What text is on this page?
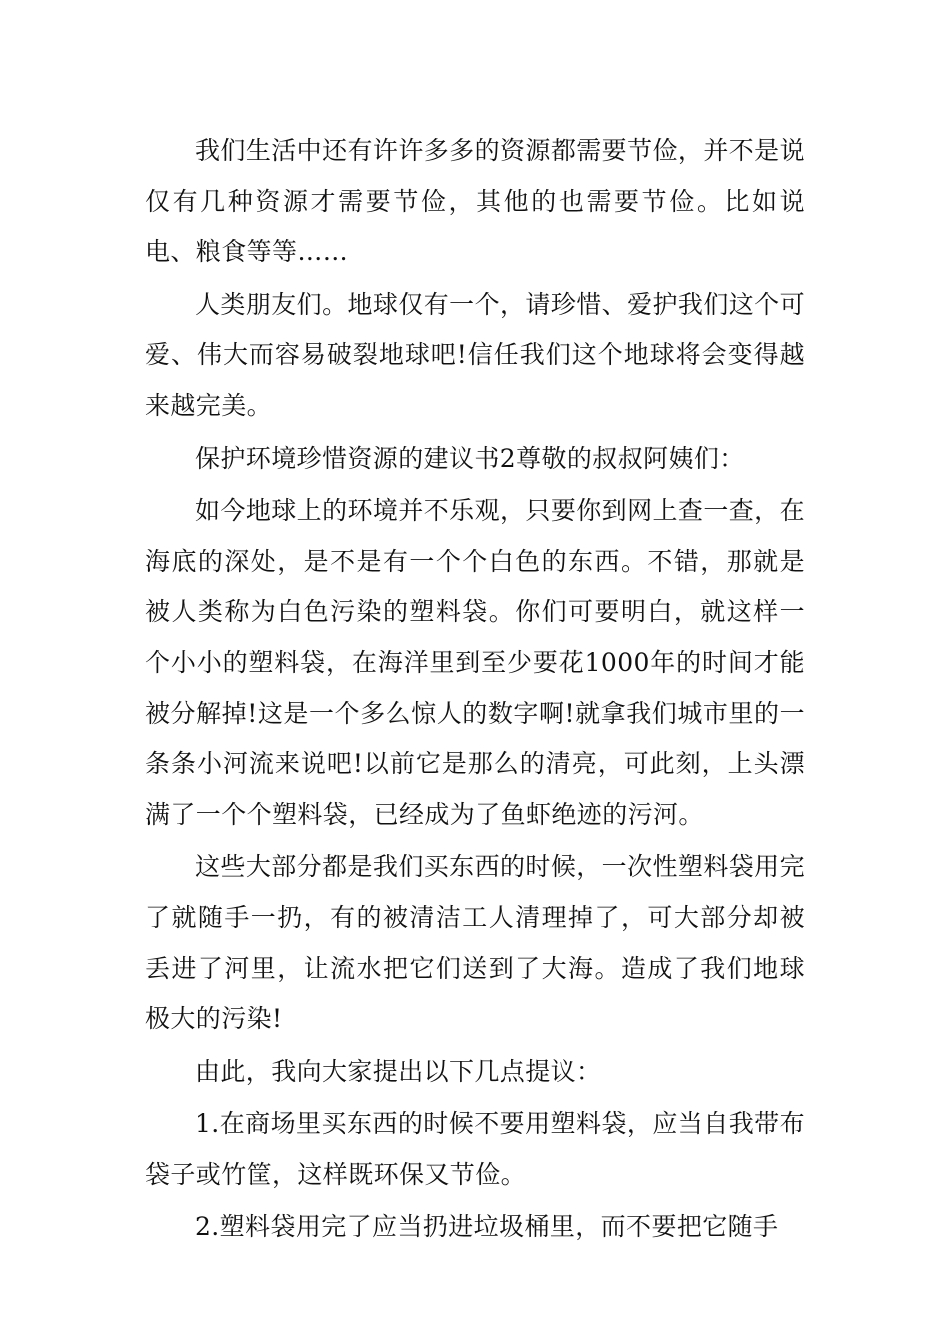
我们生活中还有许许多多的资源都需要节俭，并不是说仅有几种资源才需要节俭，其他的也需要节俭。比如说电、粮食等等……

人类朋友们。地球仅有一个，请珍惜、爱护我们这个可爱、伟大而容易破裂地球吧!信任我们这个地球将会变得越来越完美。

保护环境珍惜资源的建议书2尊敬的叔叔阿姨们：

如今地球上的环境并不乐观，只要你到网上查一查，在海底的深处，是不是有一个个白色的东西。不错，那就是被人类称为白色污染的塑料袋。你们可要明白，就这样一个小小的塑料袋，在海洋里到至少要花1000年的时间才能被分解掉!这是一个多么惊人的数字啊!就拿我们城市里的一条条小河流来说吧!以前它是那么的清亮，可此刻，上头漂满了一个个塑料袋，已经成为了鱼虾绝迹的污河。

这些大部分都是我们买东西的时候，一次性塑料袋用完了就随手一扔，有的被清洁工人清理掉了，可大部分却被丢进了河里，让流水把它们送到了大海。造成了我们地球极大的污染!

由此，我向大家提出以下几点提议：

1.在商场里买东西的时候不要用塑料袋，应当自我带布袋子或竹筐，这样既环保又节俭。

2.塑料袋用完了应当扔进垃圾桶里，而不要把它随手
